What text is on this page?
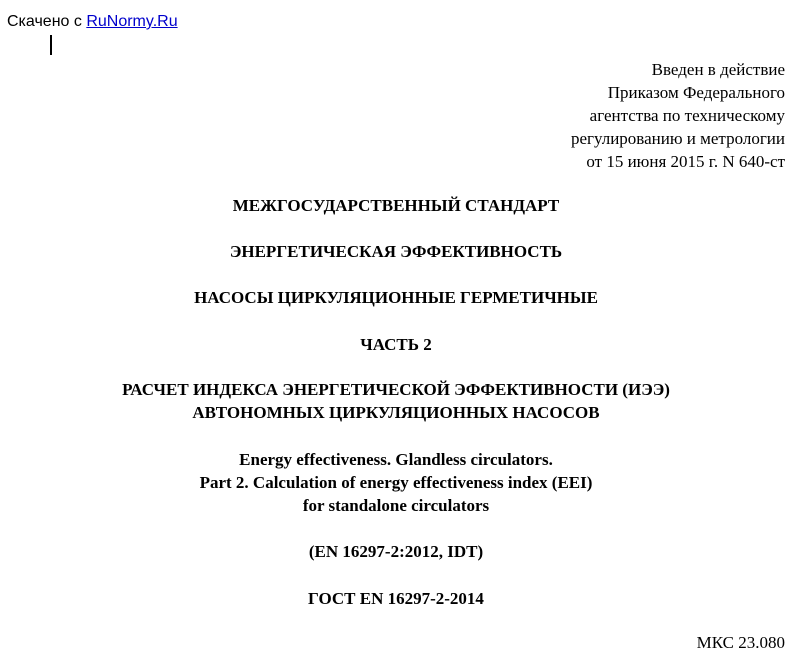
Скачено с RuNormy.Ru
Введен в действие
Приказом Федерального
агентства по техническому
регулированию и метрологии
от 15 июня 2015 г. N 640-ст
МЕЖГОСУДАРСТВЕННЫЙ СТАНДАРТ
ЭНЕРГЕТИЧЕСКАЯ ЭФФЕКТИВНОСТЬ
НАСОСЫ ЦИРКУЛЯЦИОННЫЕ ГЕРМЕТИЧНЫЕ
ЧАСТЬ 2
РАСЧЕТ ИНДЕКСА ЭНЕРГЕТИЧЕСКОЙ ЭФФЕКТИВНОСТИ (ИЭЭ)
АВТОНОМНЫХ ЦИРКУЛЯЦИОННЫХ НАСОСОВ
Energy effectiveness. Glandless circulators.
Part 2. Calculation of energy effectiveness index (EEI)
for standalone circulators
(EN 16297-2:2012, IDT)
ГОСТ EN 16297-2-2014
МКС 23.080
